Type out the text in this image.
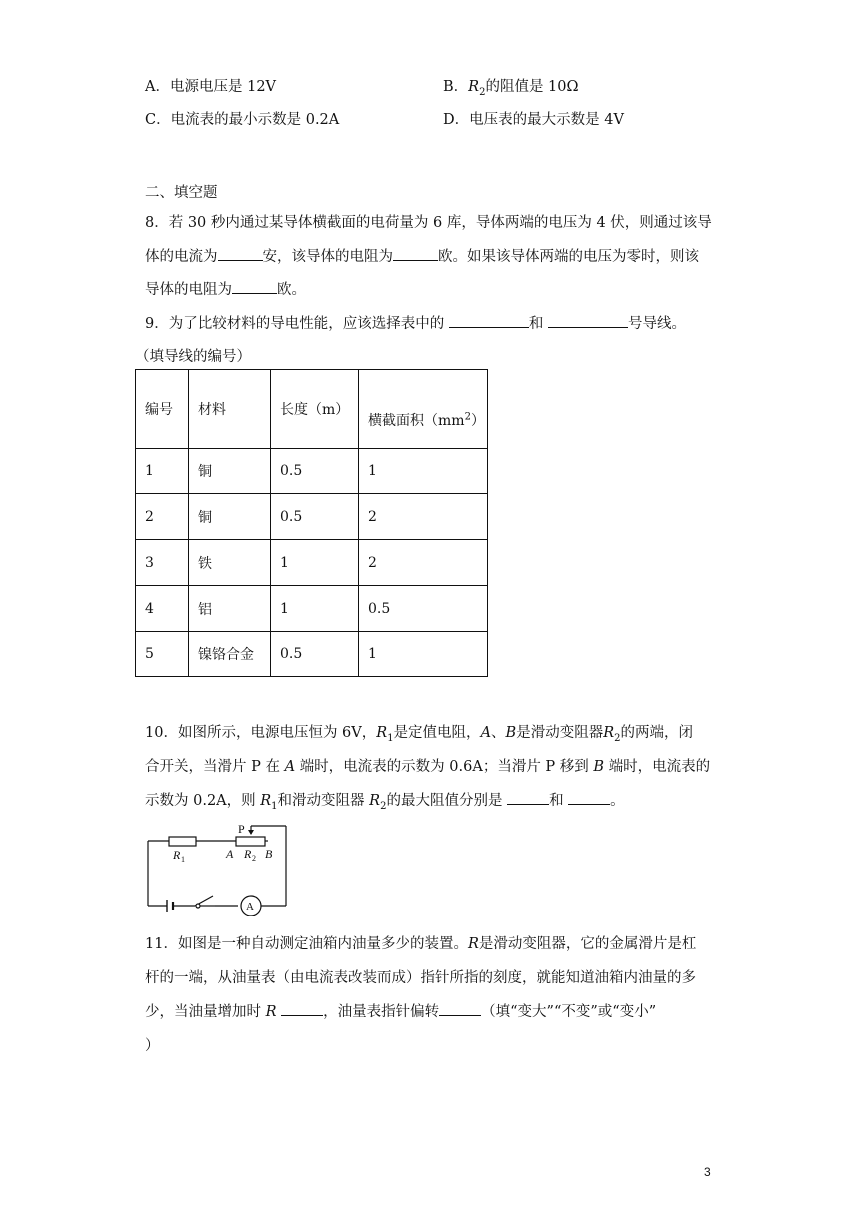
A．电源电压是 12V	B．$R_2$的阻值是 10Ω
C．电流表的最小示数是 0.2A	D．电压表的最大示数是 4V
二、填空题
8．若 30 秒内通过某导体横截面的电荷量为 6 库，导体两端的电压为 4 伏，则通过该导
体的电流为	安，该导体的电阻为	欧。如果该导体两端的电压为零时，则该
导体的电阻为	欧。
9．为了比较材料的导电性能，应该选择表中的	和	号导线。
（填导线的编号）
编号	材料	长度（m）	横截面积$(mm^2)$
1	铜	0.5	1
2	铜	0.5	2
3	铁	1	2
4	铝	1	0.5
5	镍铬合金	0.5	1
10．如图所示，电源电压恒为 6V，$R_1$是定值电阻，A、B是滑动变阻器$R_2$的两端，闭
合开关，当滑片 P 在 A 端时，电流表的示数为 0.6A；当滑片 P 移到 B 端时，电流表的
示数为 0.2A，则 $R_1$和滑动变阻器 $R_2$的最大阻值分别是	和	。
P
R 1	A R 2 B
A
11．如图是一种自动测定油箱内油量多少的装置。R是滑动变阻器，它的金属滑片是杠
杆的一端，从油量表（由电流表改装而成）指针所指的刻度，就能知道油箱内油量的多
少，当油量增加时 R	，油量表指针偏转	（填“变大”“不变”或“变小”
）
3
